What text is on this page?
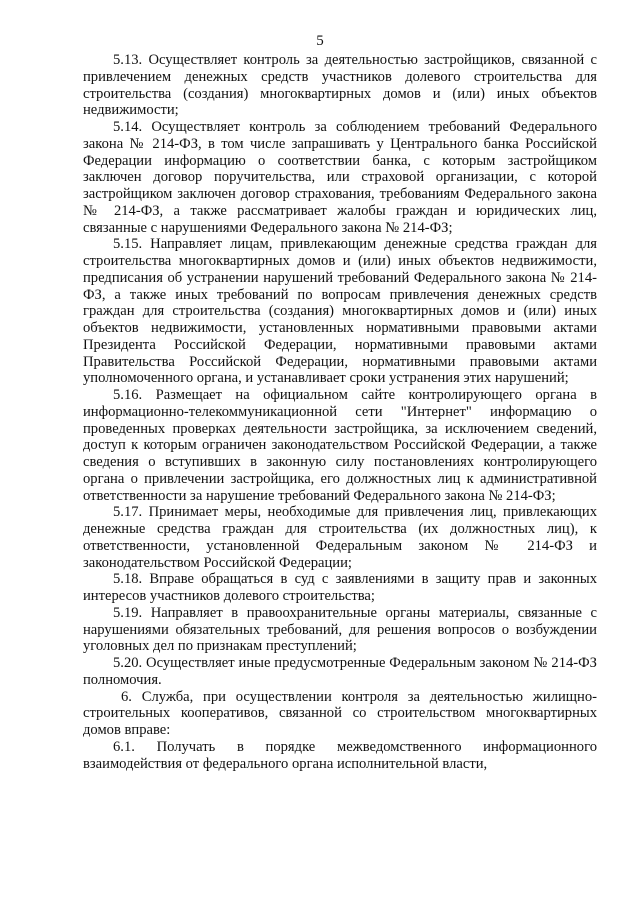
5

5.13. Осуществляет контроль за деятельностью застройщиков, связанной с привлечением денежных средств участников долевого строительства для строительства (создания) многоквартирных домов и (или) иных объектов недвижимости;

5.14. Осуществляет контроль за соблюдением требований Федерального закона № 214-ФЗ, в том числе запрашивать у Центрального банка Российской Федерации информацию о соответствии банка, с которым застройщиком заключен договор поручительства, или страховой организации, с которой застройщиком заключен договор страхования, требованиям Федерального закона № 214-ФЗ, а также рассматривает жалобы граждан и юридических лиц, связанные с нарушениями Федерального закона № 214-ФЗ;

5.15. Направляет лицам, привлекающим денежные средства граждан для строительства многоквартирных домов и (или) иных объектов недвижимости, предписания об устранении нарушений требований Федерального закона № 214-ФЗ, а также иных требований по вопросам привлечения денежных средств граждан для строительства (создания) многоквартирных домов и (или) иных объектов недвижимости, установленных нормативными правовыми актами Президента Российской Федерации, нормативными правовыми актами Правительства Российской Федерации, нормативными правовыми актами уполномоченного органа, и устанавливает сроки устранения этих нарушений;

5.16. Размещает на официальном сайте контролирующего органа в информационно-телекоммуникационной сети "Интернет" информацию о проведенных проверках деятельности застройщика, за исключением сведений, доступ к которым ограничен законодательством Российской Федерации, а также сведения о вступивших в законную силу постановлениях контролирующего органа о привлечении застройщика, его должностных лиц к административной ответственности за нарушение требований Федерального закона № 214-ФЗ;

5.17. Принимает меры, необходимые для привлечения лиц, привлекающих денежные средства граждан для строительства (их должностных лиц), к ответственности, установленной Федеральным законом № 214-ФЗ и законодательством Российской Федерации;

5.18. Вправе обращаться в суд с заявлениями в защиту прав и законных интересов участников долевого строительства;

5.19. Направляет в правоохранительные органы материалы, связанные с нарушениями обязательных требований, для решения вопросов о возбуждении уголовных дел по признакам преступлений;

5.20. Осуществляет иные предусмотренные Федеральным законом № 214-ФЗ полномочия.

6. Служба, при осуществлении контроля за деятельностью жилищно-строительных кооперативов, связанной со строительством многоквартирных домов вправе:

6.1. Получать в порядке межведомственного информационного взаимодействия от федерального органа исполнительной власти,
